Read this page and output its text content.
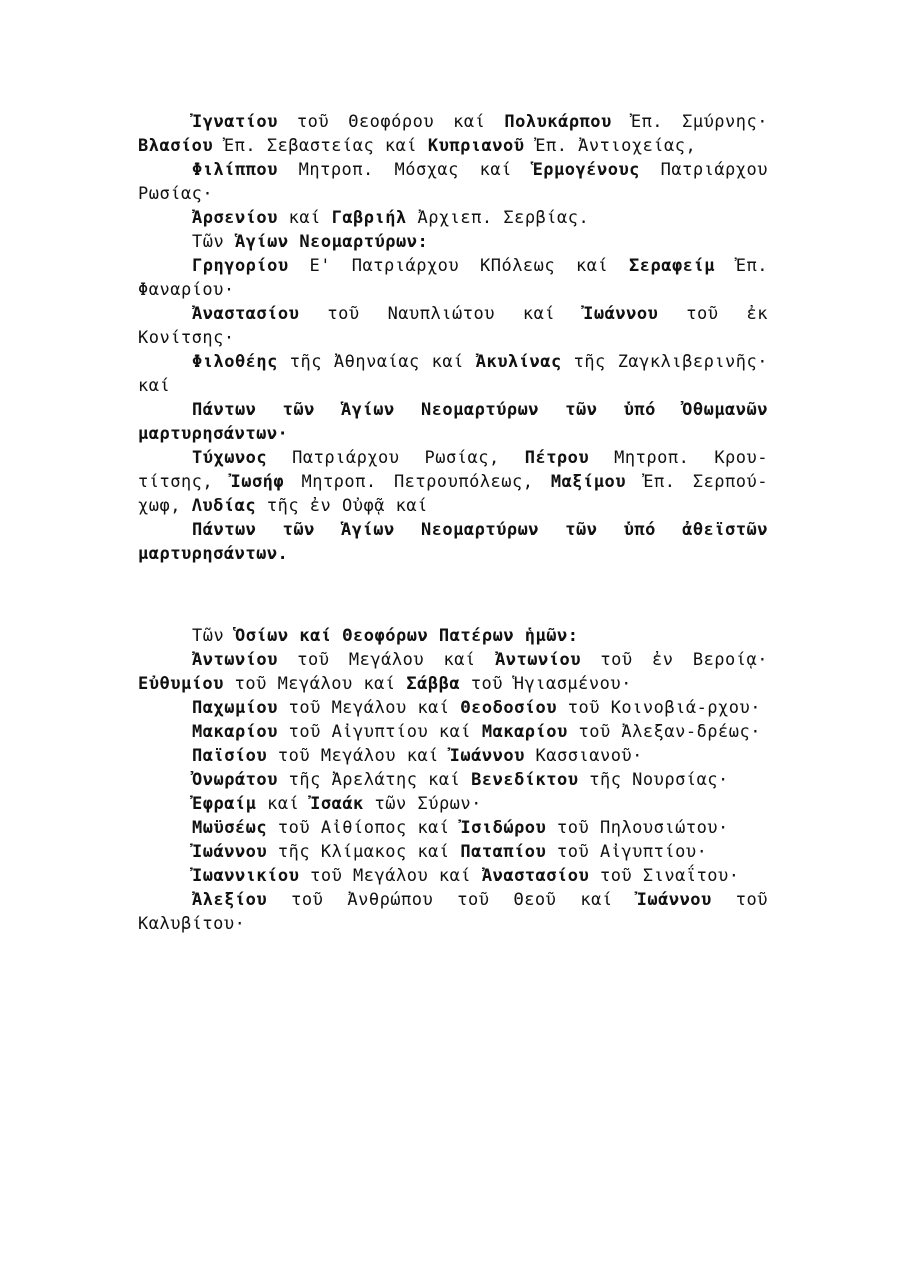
Ἰγνατίου τοῦ Θεοφόρου καί Πολυκάρπου Ἐπ. Σμύρνης· Βλασίου Ἐπ. Σεβαστείας καί Κυπριανοῦ Ἐπ. Ἀντιοχείας,

Φιλίππου Μητροπ. Μόσχας καί Ἑρμογένους Πατριάρχου Ρωσίας·

Ἀρσενίου καί Γαβριήλ Ἀρχιεπ. Σερβίας.

Τῶν Ἁγίων Νεομαρτύρων:

Γρηγορίου Ε' Πατριάρχου ΚΠόλεως καί Σεραφείμ Ἐπ. Φαναρίου·

Ἀναστασίου τοῦ Ναυπλιώτου καί Ἰωάννου τοῦ ἐκ Κονίτσης·

Φιλοθέης τῆς Ἀθηναίας καί Ἀκυλίνας τῆς Ζαγκλιβερινῆς· καί

Πάντων τῶν Ἁγίων Νεομαρτύρων τῶν ὑπό Ὀθωμανῶν μαρτυρησάντων·

Τύχωνος Πατριάρχου Ρωσίας, Πέτρου Μητροπ. Κρου-τίτσης, Ἰωσήφ Μητροπ. Πετρουπόλεως, Μαξίμου Ἐπ. Σερπού-χωφ, Λυδίας τῆς ἐν Οὐφᾷ καί

Πάντων τῶν Ἁγίων Νεομαρτύρων τῶν ὑπό ἀθεϊστῶν μαρτυρησάντων.

Τῶν Ὁσίων καί Θεοφόρων Πατέρων ἡμῶν:

Ἀντωνίου τοῦ Μεγάλου καί Ἀντωνίου τοῦ ἐν Βεροίᾳ· Εὐθυμίου τοῦ Μεγάλου καί Σάββα τοῦ Ἡγιασμένου·

Παχωμίου τοῦ Μεγάλου καί Θεοδοσίου τοῦ Κοινοβιά-ρχου·

Μακαρίου τοῦ Αἰγυπτίου καί Μακαρίου τοῦ Ἀλεξαν-δρέως·

Παϊσίου τοῦ Μεγάλου καί Ἰωάννου Κασσιανοῦ·

Ὀνωράτου τῆς Ἀρελάτης καί Βενεδίκτου τῆς Νουρσίας·

Ἐφραίμ καί Ἰσαάκ τῶν Σύρων·

Μωϋσέως τοῦ Αἰθίοπος καί Ἰσιδώρου τοῦ Πηλουσιώτου·

Ἰωάννου τῆς Κλίμακος καί Παταπίου τοῦ Αἰγυπτίου·

Ἰωαννικίου τοῦ Μεγάλου καί Ἀναστασίου τοῦ Σιναΐτου·

Ἀλεξίου τοῦ Ἀνθρώπου τοῦ Θεοῦ καί Ἰωάννου τοῦ Καλυβίτου·
